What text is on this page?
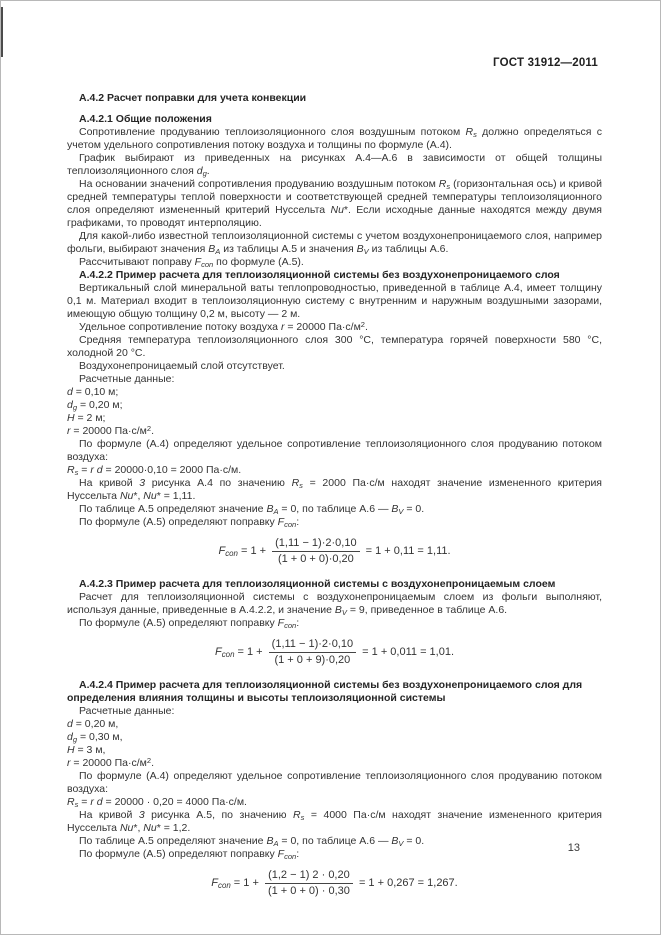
ГОСТ 31912—2011
А.4.2 Расчет поправки для учета конвекции
А.4.2.1 Общие положения
Сопротивление продуванию теплоизоляционного слоя воздушным потоком $R_s$ должно определяться с учетом удельного сопротивления потоку воздуха и толщины по формуле (А.4).
График выбирают из приведенных на рисунках А.4—А.6 в зависимости от общей толщины теплоизоляционного слоя $d_g$.
На основании значений сопротивления продуванию воздушным потоком $R_s$ (горизонтальная ось) и кривой средней температуры теплой поверхности и соответствующей средней температуры теплоизоляционного слоя определяют измененный критерий Нуссельта Nu*. Если исходные данные находятся между двумя графиками, то проводят интерполяцию.
Для какой-либо известной теплоизоляционной системы с учетом воздухонепроницаемого слоя, например фольги, выбирают значения $B_A$ из таблицы А.5 и значения $B_V$ из таблицы А.6.
Рассчитывают поправу $F_{con}$ по формуле (А.5).
А.4.2.2 Пример расчета для теплоизоляционной системы без воздухонепроницаемого слоя
Вертикальный слой минеральной ваты теплопроводностью, приведенной в таблице А.4, имеет толщину 0,1 м. Материал входит в теплоизоляционную систему с внутренним и наружным воздушными зазорами, имеющую общую толщину 0,2 м, высоту — 2 м.
Удельное сопротивление потоку воздуха r = 20000 $Па\cdot с/м^2$.
Средняя температура теплоизоляционного слоя 300 °С, температура горячей поверхности 580 °С, холодной 20 °С.
Воздухонепроницаемый слой отсутствует.
Расчетные данные:
d = 0,10 м;
$d_g = 0,20$ м;
H = 2 м;
r = 20000 $Па\cdot с/м^2$.
По формуле (А.4) определяют удельное сопротивление теплоизоляционного слоя продуванию потоком воздуха:
$R_s = r$ d = 20000·0,10 = 2000 Па·с/м.
На кривой 3 рисунка А.4 по значению $R_s = 2000$ Па·с/м находят значение измененного критерия Нуссельта Nu*, Nu* = 1,11.
По таблице А.5 определяют значение $B_A = 0$, по таблице А.6 — $B_V = 0$.
По формуле (А.5) определяют поправку $F_{con}$:
$F_{con} = 1 + \frac{(1,11 - 1)\cdot 2\cdot 0,10}{(1 + 0 + 0)\cdot 0,20} = 1 + 0,11 = 1,11$.
А.4.2.3 Пример расчета для теплоизоляционной системы с воздухонепроницаемым слоем
Расчет для теплоизоляционной системы с воздухонепроницаемым слоем из фольги выполняют, используя данные, приведенные в А.4.2.2, и значение $B_V = 9$, приведенное в таблице А.6.
По формуле (А.5) определяют поправку $F_{con}$:
$F_{con} = 1 + \frac{(1,11 - 1)\cdot 2\cdot 0,10}{(1 + 0 + 9)\cdot 0,20} = 1 + 0,011 = 1,01$.
А.4.2.4 Пример расчета для теплоизоляционной системы без воздухонепроницаемого слоя для определения влияния толщины и высоты теплоизоляционной системы
Расчетные данные:
d = 0,20 м,
$d_g = 0,30$ м,
H = 3 м,
r = 20000 $Па\cdot с/м^2$.
По формуле (А.4) определяют удельное сопротивление теплоизоляционного слоя продуванию потоком воздуха:
$R_s = r$ d = 20000 · 0,20 = 4000 Па·с/м.
На кривой 3 рисунка А.5, по значению $R_s = 4000$ Па·с/м находят значение измененного критерия Нуссельта Nu*, Nu* = 1,2.
По таблице А.5 определяют значение $B_A = 0$, по таблице А.6 — $B_V = 0$.
По формуле (А.5) определяют поправку $F_{con}$:
$F_{con} = 1 + \frac{(1,2 - 1) 2 \cdot 0,20}{(1 + 0 + 0) \cdot 0,30} = 1 + 0,267 = 1,267$.
13
